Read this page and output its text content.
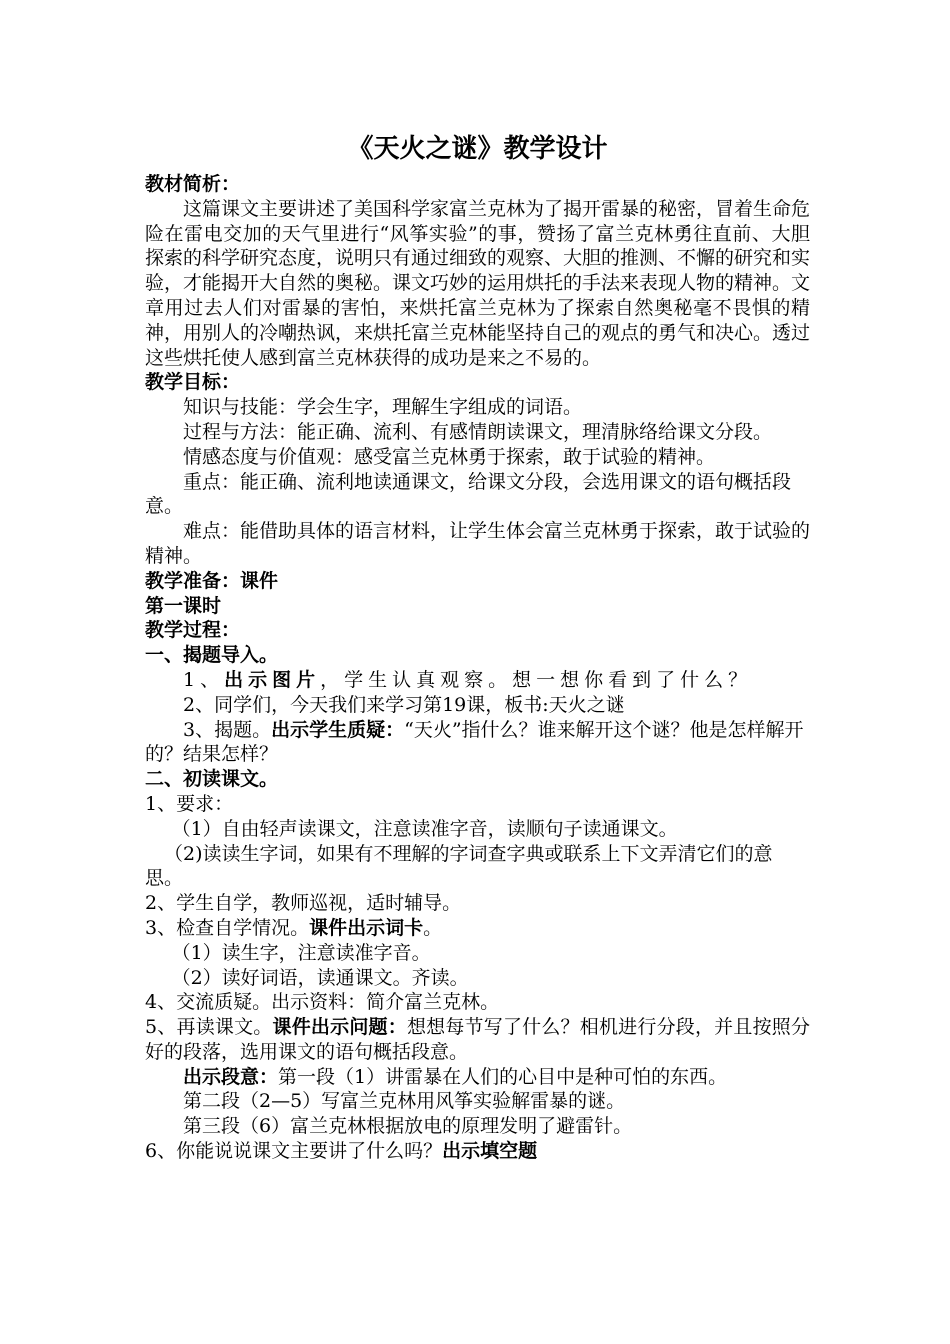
《天火之谜》教学设计

教材简析：

这篇课文主要讲述了美国科学家富兰克林为了揭开雷暴的秘密，冒着生命危险在雷电交加的天气里进行“风筝实验”的事，赞扬了富兰克林勇往直前、大胆探索的科学研究态度，说明只有通过细致的观察、大胆的推测、不懈的研究和实验，才能揭开大自然的奥秘。课文巧妙的运用烘托的手法来表现人物的精神。文章用过去人们对雷暴的害怕，来烘托富兰克林为了探索自然奥秘毫不畏惧的精神，用别人的冷嘲热讽，来烘托富兰克林能坚持自己的观点的勇气和决心。透过这些烘托使人感到富兰克林获得的成功是来之不易的。

教学目标：

知识与技能：学会生字，理解生字组成的词语。

过程与方法：能正确、流利、有感情朗读课文，理清脉络给课文分段。

情感态度与价值观：感受富兰克林勇于探索，敢于试验的精神。

重点：能正确、流利地读通课文，给课文分段，会选用课文的语句概括段意。

难点：能借助具体的语言材料，让学生体会富兰克林勇于探索，敢于试验的精神。

教学准备：课件

第一课时

教学过程：

一、揭题导入。

1、出示图片，学生认真观察。想一想你看到了什么？

2、同学们，今天我们来学习第19课，板书:天火之谜

3、揭题。出示学生质疑：“天火”指什么？谁来解开这个谜？他是怎样解开的？结果怎样？

二、初读课文。

1、要求：

（1）自由轻声读课文，注意读准字音，读顺句子读通课文。

（2)读读生字词，如果有不理解的字词查字典或联系上下文弄清它们的意思。

2、学生自学，教师巡视，适时辅导。

3、检查自学情况。课件出示词卡。

（1）读生字，注意读准字音。

（2）读好词语，读通课文。齐读。

4、交流质疑。出示资料：简介富兰克林。

5、再读课文。课件出示问题：想想每节写了什么？相机进行分段，并且按照分好的段落，选用课文的语句概括段意。

出示段意：第一段（1）讲雷暴在人们的心目中是种可怕的东西。

第二段（2—5）写富兰克林用风筝实验解雷暴的谜。

第三段（6）富兰克林根据放电的原理发明了避雷针。

6、你能说说课文主要讲了什么吗？出示填空题
